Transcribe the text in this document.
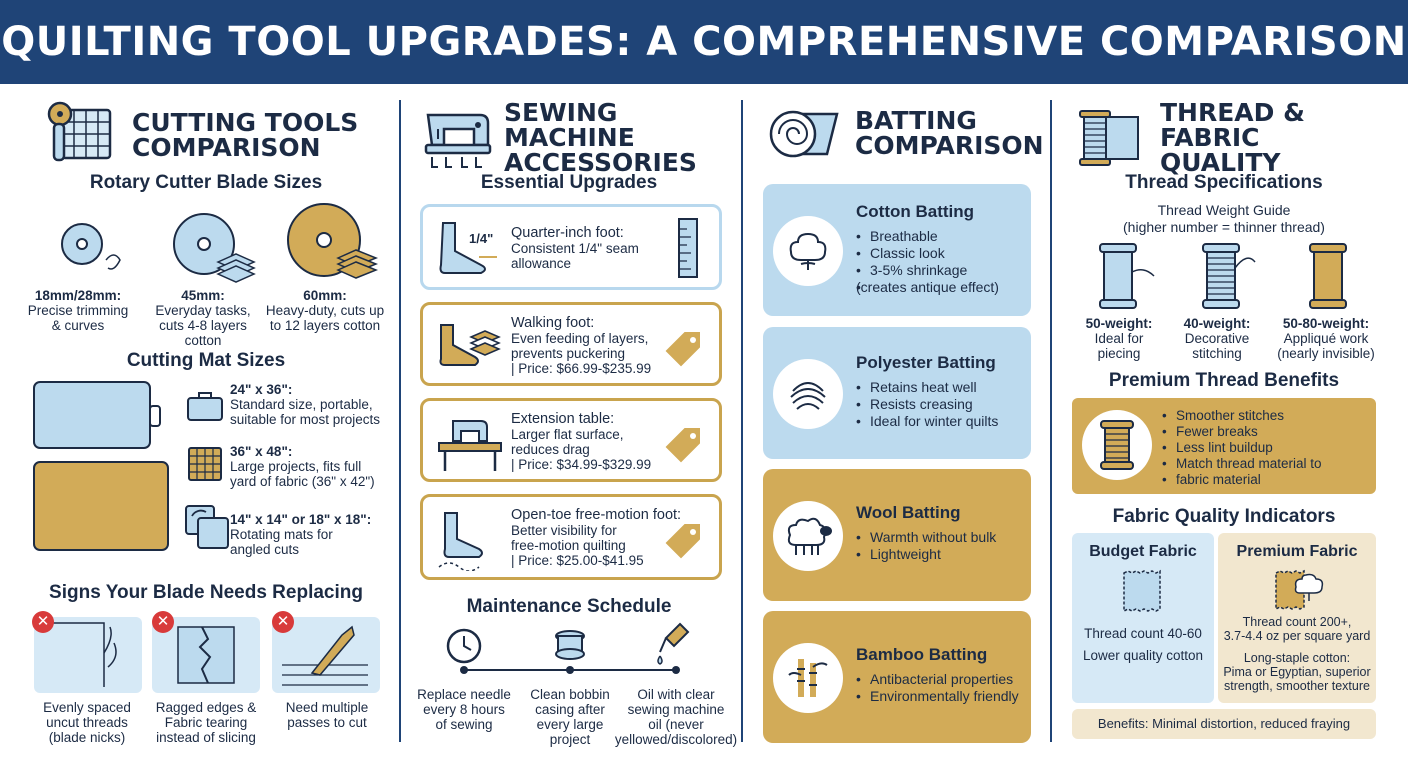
QUILTING TOOL UPGRADES: A COMPREHENSIVE COMPARISON
CUTTING TOOLS
COMPARISON
Rotary Cutter Blade Sizes
18mm/28mm:
Precise trimming
& curves
45mm:
Everyday tasks,
cuts 4-8 layers
cotton
60mm:
Heavy-duty, cuts up
to 12 layers cotton
Cutting Mat Sizes
24" x 36":
Standard size, portable,
suitable for most projects
36" x 48":
Large projects, fits full
yard of fabric (36" x 42")
14" x 14" or 18" x 18":
Rotating mats for
angled cuts
Signs Your Blade Needs Replacing
✕	✕	✕
Evenly spaced
uncut threads
(blade nicks)
Ragged edges &
Fabric tearing
instead of slicing
Need multiple
passes to cut
SEWING MACHINE
ACCESSORIES
Essential Upgrades
1/4" Quarter-inch foot:
Consistent 1/4" seam
allowance
Walking foot:
Even feeding of layers,
prevents puckering
| Price: $66.99-$235.99
Extension table:
Larger flat surface,
reduces drag
| Price: $34.99-$329.99
Open-toe free-motion foot:
Better visibility for
free-motion quilting
| Price: $25.00-$41.95
Maintenance Schedule
Replace needle
every 8 hours
of sewing
Clean bobbin
casing after
every large
project
Oil with clear
sewing machine
oil (never
yellowed/discolored)
BATTING
COMPARISON
Cotton Batting
• Breathable
• Classic look
• 3-5% shrinkage
• (creates antique effect)
Polyester Batting
• Retains heat well
• Resists creasing
• Ideal for winter quilts
Wool Batting
• Warmth without bulk
• Lightweight
Bamboo Batting
• Antibacterial properties
• Environmentally friendly
THREAD & FABRIC
QUALITY
Thread Specifications
Thread Weight Guide
(higher number = thinner thread)
50-weight:
Ideal for
piecing
40-weight:
Decorative
stitching
50-80-weight:
Appliqué work
(nearly invisible)
Premium Thread Benefits
• Smoother stitches
• Fewer breaks
• Less lint buildup
• Match thread material to
• fabric material
Fabric Quality Indicators
Budget Fabric
Thread count 40-60
Lower quality cotton
Premium Fabric
Thread count 200+,
3.7-4.4 oz per square yard
Long-staple cotton:
Pima or Egyptian, superior
strength, smoother texture
Benefits: Minimal distortion, reduced fraying
